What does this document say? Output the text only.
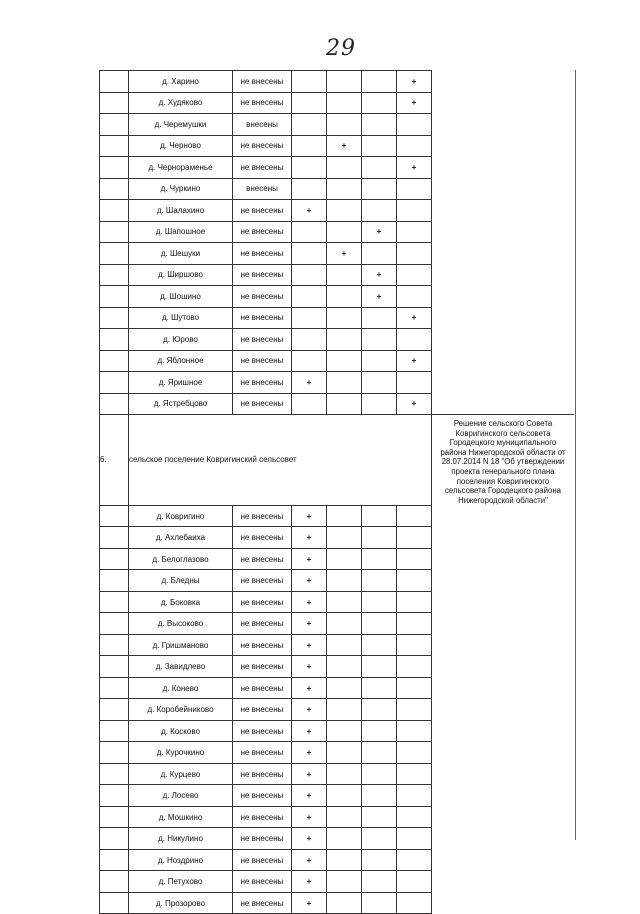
29
	д. Харино	не внесены				+	
	д. Худяково	не внесены				+	
	д. Черемушки	внесены					
	д. Черново	не внесены		+			
	д. Чернораменье	не внесены				+	
	д. Чуркино	внесены					
	д. Шалахино	не внесены	+				
	д. Шапошное	не внесены			+		
	д. Шешуки	не внесены		+			
	д. Ширшово	не внесены			+		
	д. Шошино	не внесены			+		
	д. Шутово	не внесены				+	
	д. Юрово	не внесены					
	д. Яблонное	не внесены				+	
	д. Яришное	не внесены	+				
	д. Ястребцово	не внесены				+	
6.	сельское поселение Ковригинский сельсовет						Решение сельского Совета Ковригинского сельсовета Городецкого муниципального района Нижегородской области от 28.07.2014 N 18 "Об утверждении проекта генерального плана поселения Ковригинского сельсовета Городецкого района Нижегородской области"

	д. Ковригино	не внесены	+				
	д. Ахлебаиха	не внесены	+				
	д. Белоглазово	не внесены	+				
	д. Бледны	не внесены	+				
	д. Боковка	не внесены	+				
	д. Высоково	не внесены	+				
	д. Гришманово	не внесены	+				
	д. Завидлево	не внесены	+				
	д. Конево	не внесены	+				
	д. Коробейниково	не внесены	+				
	д. Косково	не внесены	+				
	д. Курочкино	не внесены	+				
	д. Курцево	не внесены	+				
	д. Лосево	не внесены	+				
	д. Мошкино	не внесены	+				
	д. Никулино	не внесены	+				
	д. Ноздрино	не внесены	+				
	д. Петухово	не внесены	+				
	д. Прозорово	не внесены	+				
